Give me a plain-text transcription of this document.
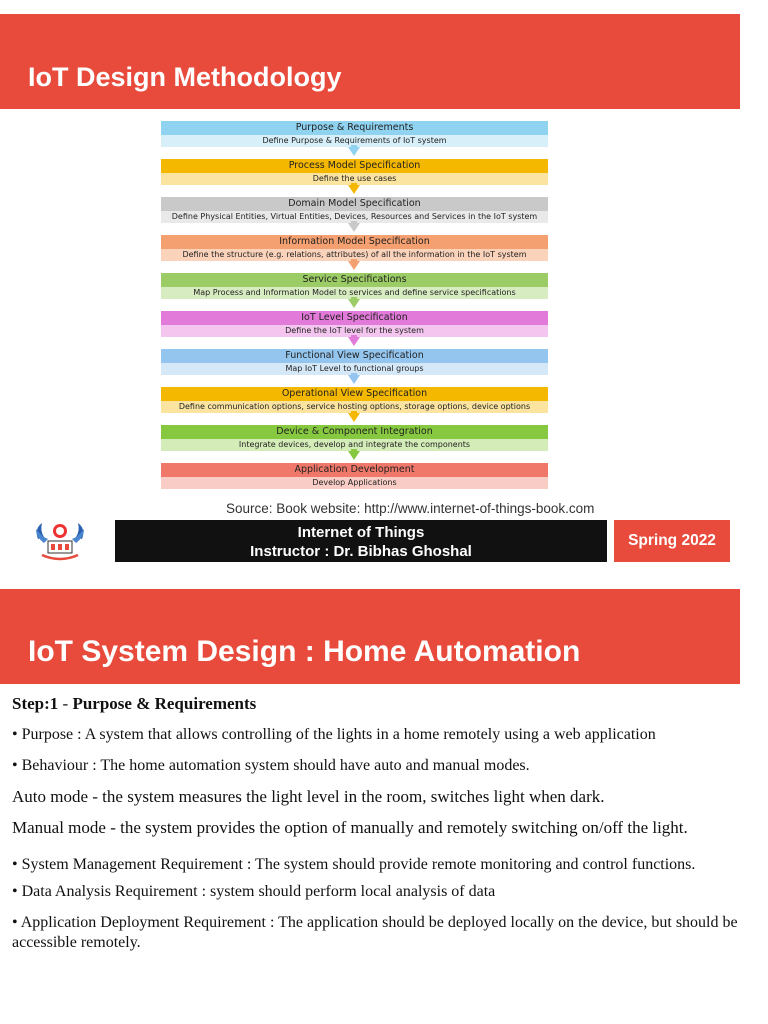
IoT Design Methodology
Purpose & Requirements
Define Purpose & Requirements of IoT system
Process Model Specification
Define the use cases
Domain Model Specification
Define Physical Entities, Virtual Entities, Devices, Resources and Services in the IoT system
Information Model Specification
Define the structure (e.g. relations, attributes) of all the information in the IoT system
Service Specifications
Map Process and Information Model to services and define service specifications
IoT Level Specification
Define the IoT level for the system
Functional View Specification
Map IoT Level to functional groups
Operational View Specification
Define communication options, service hosting options, storage options, device options
Device & Component Integration
Integrate devices, develop and integrate the components
Application Development
Develop Applications
Source: Book website: http://www.internet-of-things-book.com
Internet of Things
Instructor : Dr. Bibhas Ghoshal
Spring 2022
IoT System Design : Home Automation

Step:1 - Purpose & Requirements

• Purpose : A system that allows controlling of the lights in a home remotely using a web application

• Behaviour : The home automation system should have auto and manual modes.

Auto mode - the system measures the light level in the room, switches light when dark.

Manual mode - the system provides the option of manually and remotely switching on/off the light.

• System Management Requirement : The system should provide remote monitoring and control functions.

• Data Analysis Requirement : system should perform local analysis of data

• Application Deployment Requirement : The application should be deployed locally on the device, but should be accessible remotely.
